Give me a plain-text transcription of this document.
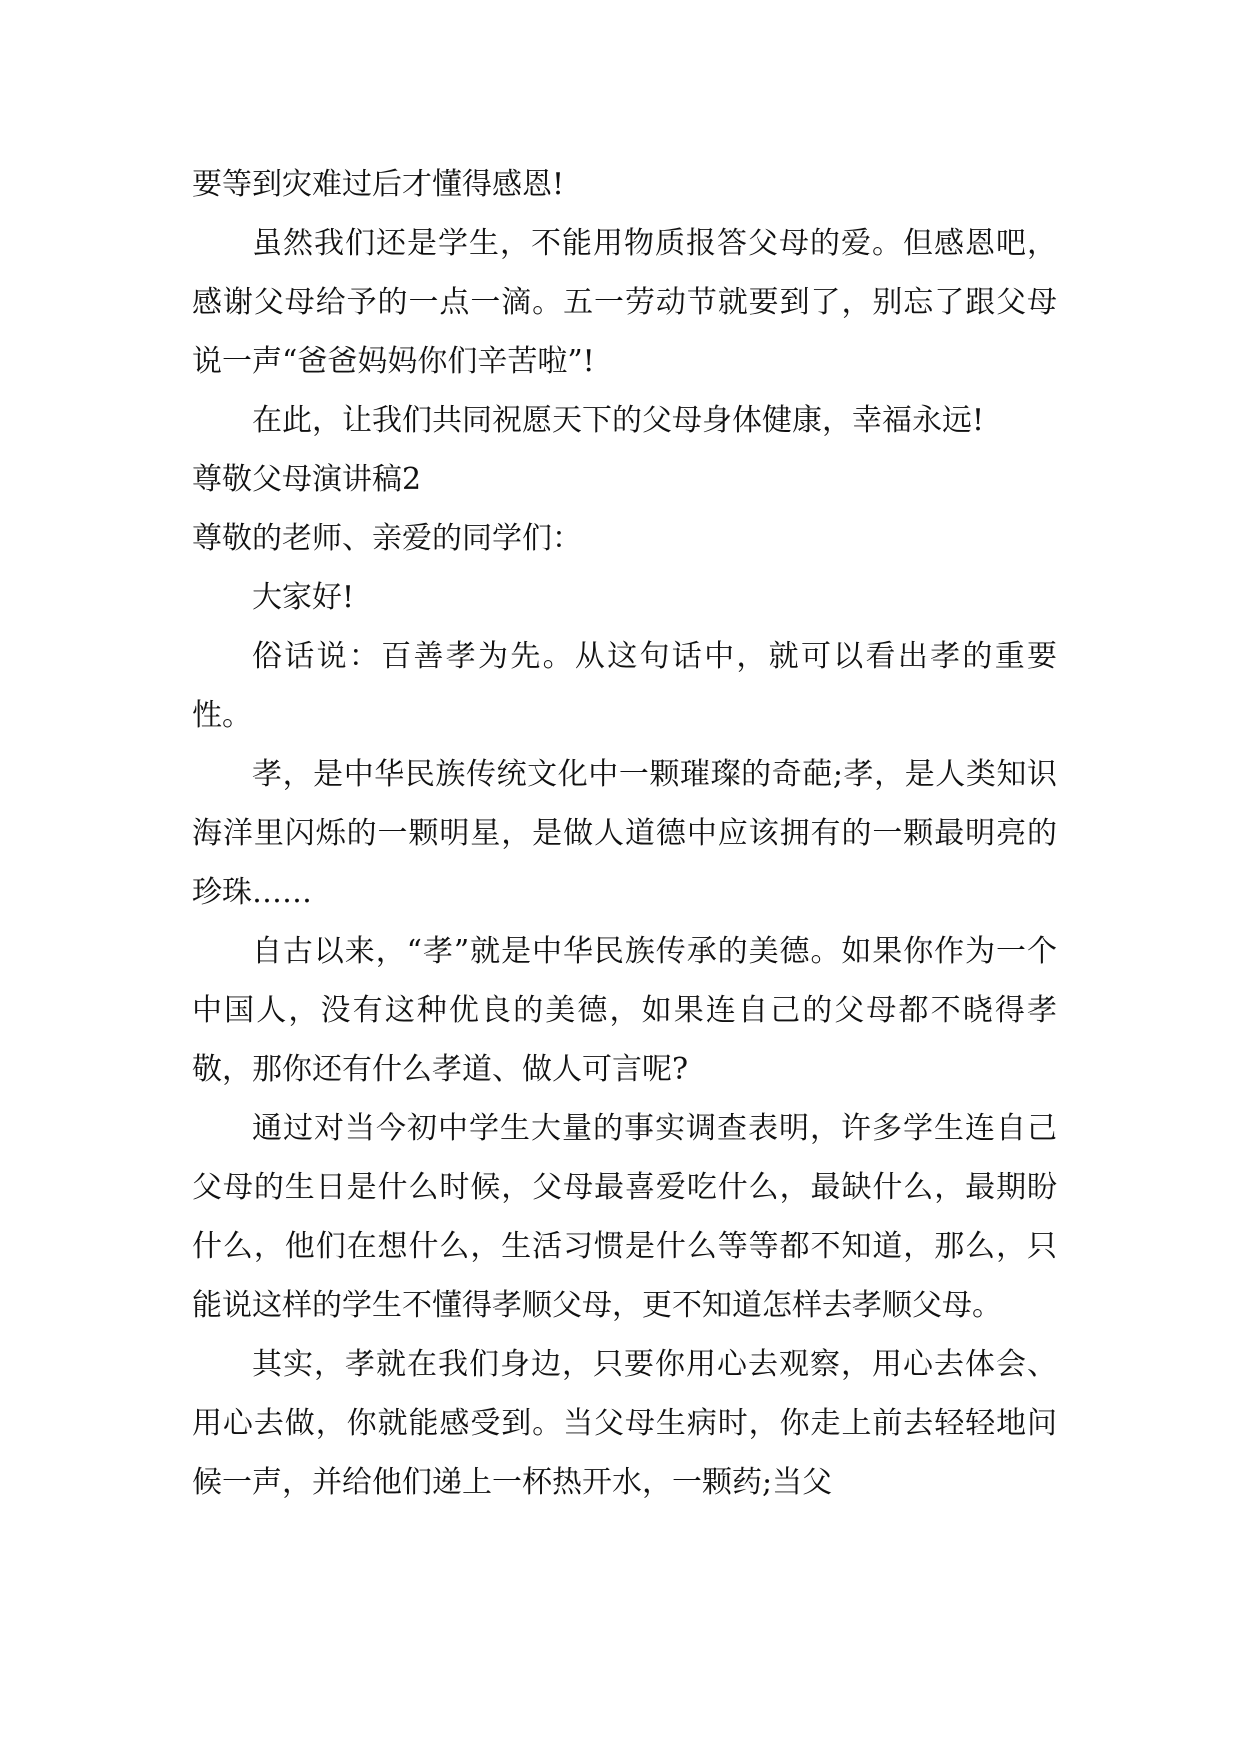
要等到灾难过后才懂得感恩!

虽然我们还是学生，不能用物质报答父母的爱。但感恩吧，感谢父母给予的一点一滴。五一劳动节就要到了，别忘了跟父母说一声“爸爸妈妈你们辛苦啦”!

在此，让我们共同祝愿天下的父母身体健康，幸福永远!

尊敬父母演讲稿2

尊敬的老师、亲爱的同学们：

大家好!

俗话说：百善孝为先。从这句话中，就可以看出孝的重要性。

孝，是中华民族传统文化中一颗璀璨的奇葩;孝，是人类知识海洋里闪烁的一颗明星，是做人道德中应该拥有的一颗最明亮的珍珠……

自古以来，“孝”就是中华民族传承的美德。如果你作为一个中国人，没有这种优良的美德，如果连自己的父母都不晓得孝敬，那你还有什么孝道、做人可言呢?

通过对当今初中学生大量的事实调查表明，许多学生连自己父母的生日是什么时候，父母最喜爱吃什么，最缺什么，最期盼什么，他们在想什么，生活习惯是什么等等都不知道，那么，只能说这样的学生不懂得孝顺父母，更不知道怎样去孝顺父母。

其实，孝就在我们身边，只要你用心去观察，用心去体会、用心去做，你就能感受到。当父母生病时，你走上前去轻轻地问候一声，并给他们递上一杯热开水，一颗药;当父
